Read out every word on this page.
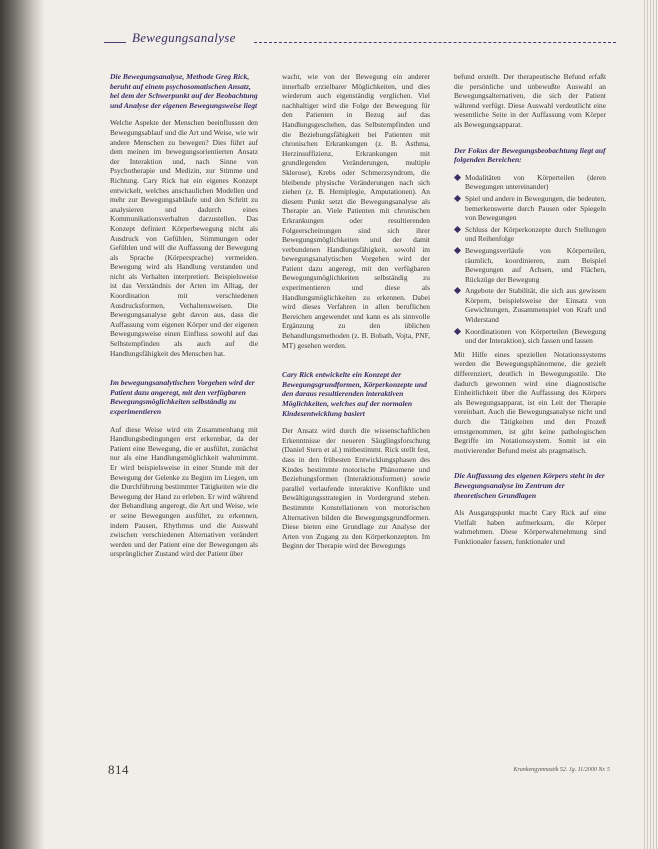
Bewegungsanalyse
Die Bewegungsanalyse, Methode Greg Rick, beruht auf einem psychosomatischen Ansatz, bei dem der Schwerpunkt auf der Beobachtung und Analyse der eigenen Bewegungsweise liegt

Welche Aspekte der Menschen beeinflussen den Bewegungsablauf und die Art und Weise, wie wir andere Menschen zu bewegen? Dies führt auf dem meinen im bewegungsorientierten Ansatz der Interaktion und, nach Sinne von Psychotherapie und Medizin, zur Stimme und Richtung. Cary Rick hat ein eigenes Konzept entwickelt, welches anschaulichen Modellen und mehr zur Bewegungsabläufe und den Schritt zu analysieren und dadurch eines Kommunikationsverhalten darzustellen. Das Konzept definiert Körperbewegung nicht als Ausdruck von Gefühlen, Stimmungen oder Gefühlen und will die Auffassung der Bewegung als Sprache (Körpersprache) vermeiden. Bewegung wird als Handlung verstanden und nicht als Verhalten interpretiert. Beispielsweise ist das Verständnis der Arten im Alltag, der Koordination mit verschiedenen Ausdrucksformen, Verhaltensweisen. Die Bewegungsanalyse geht davon aus, dass die Auffassung vom eigenen Körper und der eigenen Bewegungsweise einen Einfluss sowohl auf das Selbstempfinden als auch auf die Handlungsfähigkeit des Menschen hat.

Im bewegungsanalytischen Vorgehen wird der Patient dazu angeregt, mit den verfügbaren Bewegungsmöglichkeiten selbständig zu experimentieren

Auf diese Weise wird ein Zusammenhang mit Handlungsbedingungen erst erkennbar, da der Patient eine Bewegung, die er ausführt, zunächst nur als eine Handlungsmöglichkeit wahrnimmt. Er wird beispielsweise in einer Stunde mit der Bewegung der Gelenke zu Beginn im Liegen, um die Durchführung bestimmter Tätigkeiten wie die Bewegung der Hand zu erleben. Er wird während der Behandlung angeregt, die Art und Weise, wie er seine Bewegungen ausführt, zu erkennen, indem Pausen, Rhythmus und die Auswahl zwischen verschiedenen Alternativen verändert werden und der Patient eine der Bewegungen als ursprünglicher Zustand wird der Patient über

wacht, wie von der Bewegung ein anderer innerhalb erzielbarer Möglichkeiten, und dies wiederum auch eigenständig verglichen. Viel nachhaltiger wird die Folge der Bewegung für den Patienten in Bezug auf das Handlungsgeschehen, das Selbstempfinden und die Beziehungsfähigkeit bei Patienten mit chronischen Erkrankungen (z. B. Asthma, Herzinsuffizienz, Erkrankungen mit grundlegenden Veränderungen, multiple Sklerose), Krebs oder Schmerzsyndrom, die bleibende physische Veränderungen nach sich ziehen (z. B. Hemiplegie, Amputationen). An diesem Punkt setzt die Bewegungsanalyse als Therapie an. Viele Patienten mit chronischen Erkrankungen oder resultierenden Folgeerscheinungen sind sich ihrer Bewegungsmöglichkeiten und der damit verbundenen Handlungsfähigkeit, sowohl im bewegungsanalytischen Vorgehen wird der Patient dazu angeregt, mit den verfügbaren Bewegungsmöglichkeiten selbständig zu experimentieren und diese als Handlungsmöglichkeiten zu erkennen. Dabei wird dieses Verfahren in allen beruflichen Bereichen angewendet und kann es als sinnvolle Ergänzung zu den üblichen Behandlungsmethoden (z. B. Bobath, Vojta, PNF, MT) gesehen werden.

Cary Rick entwickelte ein Konzept der Bewegungsgrundformen, Körperkonzepte und den daraus resultierenden interaktiven Möglichkeiten, welches auf der normalen Kindesentwicklung basiert

Der Ansatz wird durch die wissenschaftlichen Erkenntnisse der neueren Säuglingsforschung (Daniel Stern et al.) mitbestimmt. Rick stellt fest, dass in den frühesten Entwicklungsphasen des Kindes bestimmte motorische Phänomene und Beziehungsformen (Interaktionsformen) sowie parallel verlaufende interaktive Konflikte und Bewältigungsstrategien in Vordergrund stehen. Bestimmte Konstellationen von motorischen Alternativen bilden die Bewegungsgrundformen. Diese bieten eine Grundlage zur Analyse der Arten von Zugang zu den Körperkonzepten. Im Beginn der Therapie wird der Bewegungs

befund erstellt. Der therapeutische Befund erfaßt die persönliche und unbewußte Auswahl an Bewegungsalternativen, die sich der Patient während verfügt. Diese Auswahl verdeutlicht eine wesentliche Seite in der Auffassung vom Körper als Bewegungsapparat.

Der Fokus der Bewegungsbeobachtung liegt auf folgenden Bereichen:
Modalitäten von Körperteilen (deren Bewegungen untereinander)
Spiel und andere in Bewegungen, die bedeuten, bemerkenswerte durch Pausen oder Spiegeln von Bewegungen
Schluss der Körperkonzepte durch Stellungen und Reihenfolge
Bewegungsverläufe von Körperteilen, räumlich, koordinieren, zum Beispiel Bewegungen auf Achsen, und Flächen, Rückzüge der Bewegung
Angebote der Stabilität, die sich aus gewissen Körpern, beispielsweise der Einsatz von Gewichtungen, Zusammenspiel von Kraft und Widerstand
Koordinationen von Körperteilen (Bewegung und der Interaktion), sich fassen und lassen

Mit Hilfe eines speziellen Notationssystems werden die Bewegungsphänomene, die gezielt differenziert, deutlich in Bewegungsstile. Die dadurch gewonnen wird eine diagnostische Einheitlichkeit über die Auffassung des Körpers als Bewegungsapparat, ist ein Leit der Therapie vereinbart. Auch die Bewegungsanalyse nicht und durch die Tätigkeiten und den Prozeß ernstgenommen, ist gibt keine pathologischen Begriffe im Notationssystem. Somit ist ein motivierender Befund meist als pragmatisch.

Die Auffassung des eigenen Körpers steht in der Bewegungsanalyse im Zentrum der theoretischen Grundlagen

Als Ausgangspunkt macht Cary Rick auf eine Vielfalt haben aufmerksam, die Körper wahrnehmen. Diese Körperwahrnehmung sind Funktionaler fassen, funktionaler und

814	Krankengymnastik 52. Jg. 11/2000 Nr. 5
